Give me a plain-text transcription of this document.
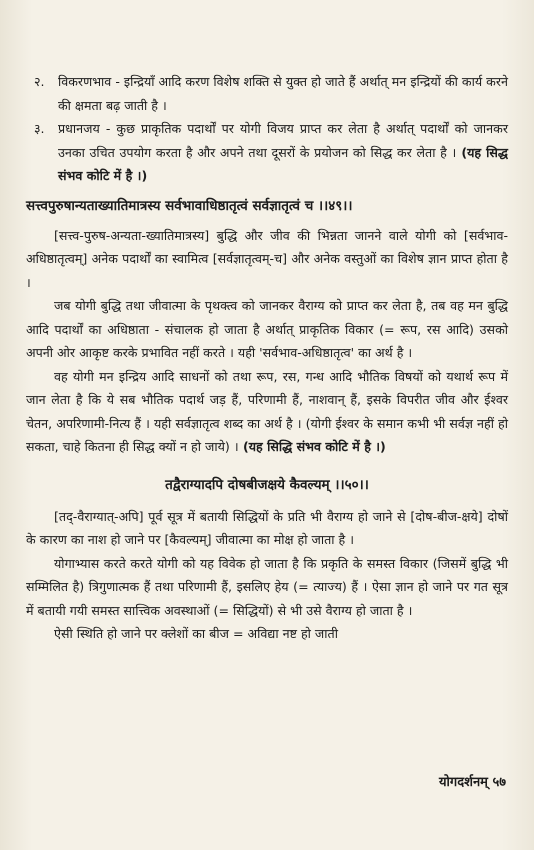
२.	विकरणभाव - इन्द्रियाँ आदि करण विशेष शक्ति से युक्त हो जाते हैं अर्थात् मन इन्द्रियों की कार्य करने की क्षमता बढ़ जाती है ।

३.	प्रधानजय - कुछ प्राकृतिक पदार्थों पर योगी विजय प्राप्त कर लेता है अर्थात् पदार्थों को जानकर उनका उचित उपयोग करता है और अपने तथा दूसरों के प्रयोजन को सिद्ध कर लेता है । (यह सिद्ध संभव कोटि में है ।)

सत्त्वपुरुषान्यताख्यातिमात्रस्य सर्वभावाधिष्ठातृत्वं सर्वज्ञातृत्वं च ।।४९।।

[सत्त्व-पुरुष-अन्यता-ख्यातिमात्रस्य] बुद्धि और जीव की भिन्नता जानने वाले योगी को [सर्वभाव-अधिष्ठातृत्वम्] अनेक पदार्थों का स्वामित्व [सर्वज्ञातृत्वम्-च] और अनेक वस्तुओं का विशेष ज्ञान प्राप्त होता है ।

जब योगी बुद्धि तथा जीवात्मा के पृथक्त्व को जानकर वैराग्य को प्राप्त कर लेता है, तब वह मन बुद्धि आदि पदार्थों का अधिष्ठाता - संचालक हो जाता है अर्थात् प्राकृतिक विकार (= रूप, रस आदि) उसको अपनी ओर आकृष्ट करके प्रभावित नहीं करते । यही 'सर्वभाव-अधिष्ठातृत्व' का अर्थ है ।

वह योगी मन इन्द्रिय आदि साधनों को तथा रूप, रस, गन्ध आदि भौतिक विषयों को यथार्थ रूप में जान लेता है कि ये सब भौतिक पदार्थ जड़ हैं, परिणामी हैं, नाशवान् हैं, इसके विपरीत जीव और ईश्वर चेतन, अपरिणामी-नित्य हैं । यही सर्वज्ञातृत्व शब्द का अर्थ है । (योगी ईश्वर के समान कभी भी सर्वज्ञ नहीं हो सकता, चाहे कितना ही सिद्ध क्यों न हो जाये) । (यह सिद्धि संभव कोटि में है ।)

तद्वैराग्यादपि दोषबीजक्षये कैवल्यम् ।।५०।।

[तद्-वैराग्यात्-अपि] पूर्व सूत्र में बतायी सिद्धियों के प्रति भी वैराग्य हो जाने से [दोष-बीज-क्षये] दोषों के कारण का नाश हो जाने पर [कैवल्यम्] जीवात्मा का मोक्ष हो जाता है ।

योगाभ्यास करते करते योगी को यह विवेक हो जाता है कि प्रकृति के समस्त विकार (जिसमें बुद्धि भी सम्मिलित है) त्रिगुणात्मक हैं तथा परिणामी हैं, इसलिए हेय (= त्याज्य) हैं । ऐसा ज्ञान हो जाने पर गत सूत्र में बतायी गयी समस्त सात्त्विक अवस्थाओं (= सिद्धियों) से भी उसे वैराग्य हो जाता है ।

ऐसी स्थिति हो जाने पर क्लेशों का बीज = अविद्या नष्ट हो जाती

योगदर्शनम् ५७
